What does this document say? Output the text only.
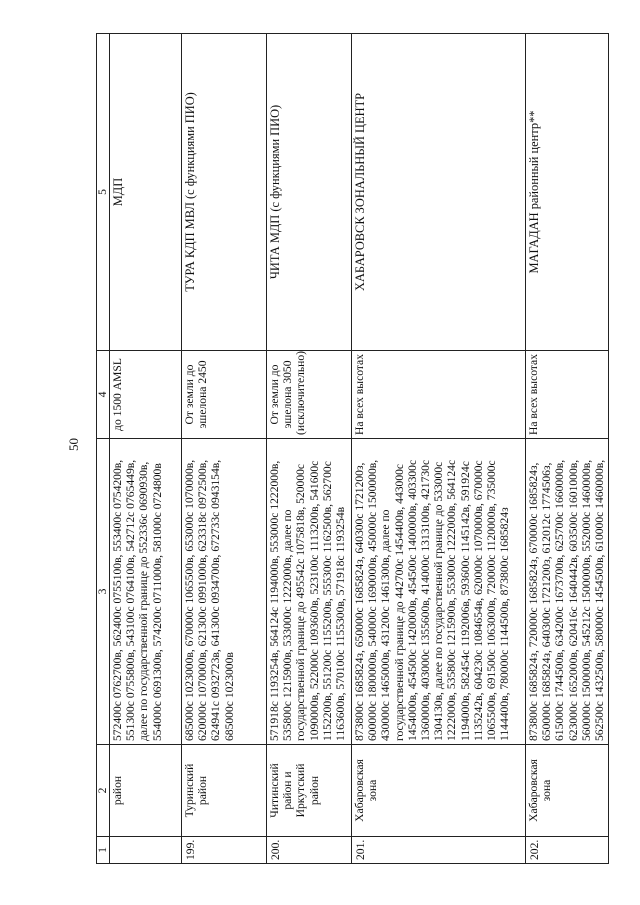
50
1	2	3	4	5
	район	572400с 0762700в, 562400с 0755100в, 553400с 0754200в, 551300с 0755800в, 543100с 0764100в, 542712с 0765449в, далее по государственной границе до 552336с 0690930в, 554000с 0691300в, 574200с 0711000в, 581000с 0724800в	до 1500 AMSL	МДП
199.	Туринский район	685000с 1023000в, 670000с 1065500в, 653000с 1070000в, 620000с 1070000в, 621300с 0991000в, 623318с 0972500в, 624941с 0932723в, 641300с 0934700в, 672733с 0943154в, 685000с 1023000в	От земли до эшелона 2450	ТУРА КДП МВЛ (с функциями ПИО)
200.	Читинский район и Иркутский район	571918с 1193254в, 564124с 1194000в, 553000с 1222000в, 535800с 1215900в, 533000с 1222000в, далее по государственной границе до 495542с 1075818в, 520000с 1090000в, 522000с 1093600в, 523100с 1113200в, 541600с 1152200в, 551200с 1155200в, 555300с 1162500в, 562700с 1163600в, 570100с 1155300в, 571918с 1193254в	От земли до эшелона 3050 (исключительно)	ЧИТА МДП (с функциями ПИО)
201.	Хабаровская зона	873800с 1685824з, 650000с 1685824з, 640300с 1721200з, 600000с 1800000в, 540000с 1690000в, 450000с 1500000в, 430000с 1465000в, 431200с 1461300в, далее по государственной границе до 442700с 1454400в, 443000с 1454000в, 454500с 1420000в, 454500с 1400000в, 403300с 1360000в, 403000с 1355600в, 414000с 1313100в, 421730с 1304130в, далее по государственной границе до 533000с 1222000в, 535800с 1215900в, 553000с 1222000в, 564124с 1194000в, 582454с 1192006в, 593600с 1145142в, 591924с 1135242в, 604230с 1084654в, 620000с 1070000в, 670000с 1065500в, 691500с 1063000в, 720000с 1120000в, 735000с 1144400в, 780000с 1144500в, 873800с 1685824з	На всех высотах	ХАБАРОВСК ЗОНАЛЬНЫЙ ЦЕНТР
202.	Хабаровская зона	873800с 1685824з, 720000с 1685824з, 670000с 1685824з, 650000с 1685824з, 640300с 1721200з, 612012с 1774506з, 615000с 1744500в, 634200с 1673700в, 625700с 1660000в, 623000с 1652000в, 620416с 1640442в, 603500с 1601000в, 560000с 1500000в, 545212с 1500000в, 552000с 1460000в, 562500с 1432500в, 580000с 1454500в, 610000с 1460000в,	На всех высотах	МАГАДАН районный центр**
